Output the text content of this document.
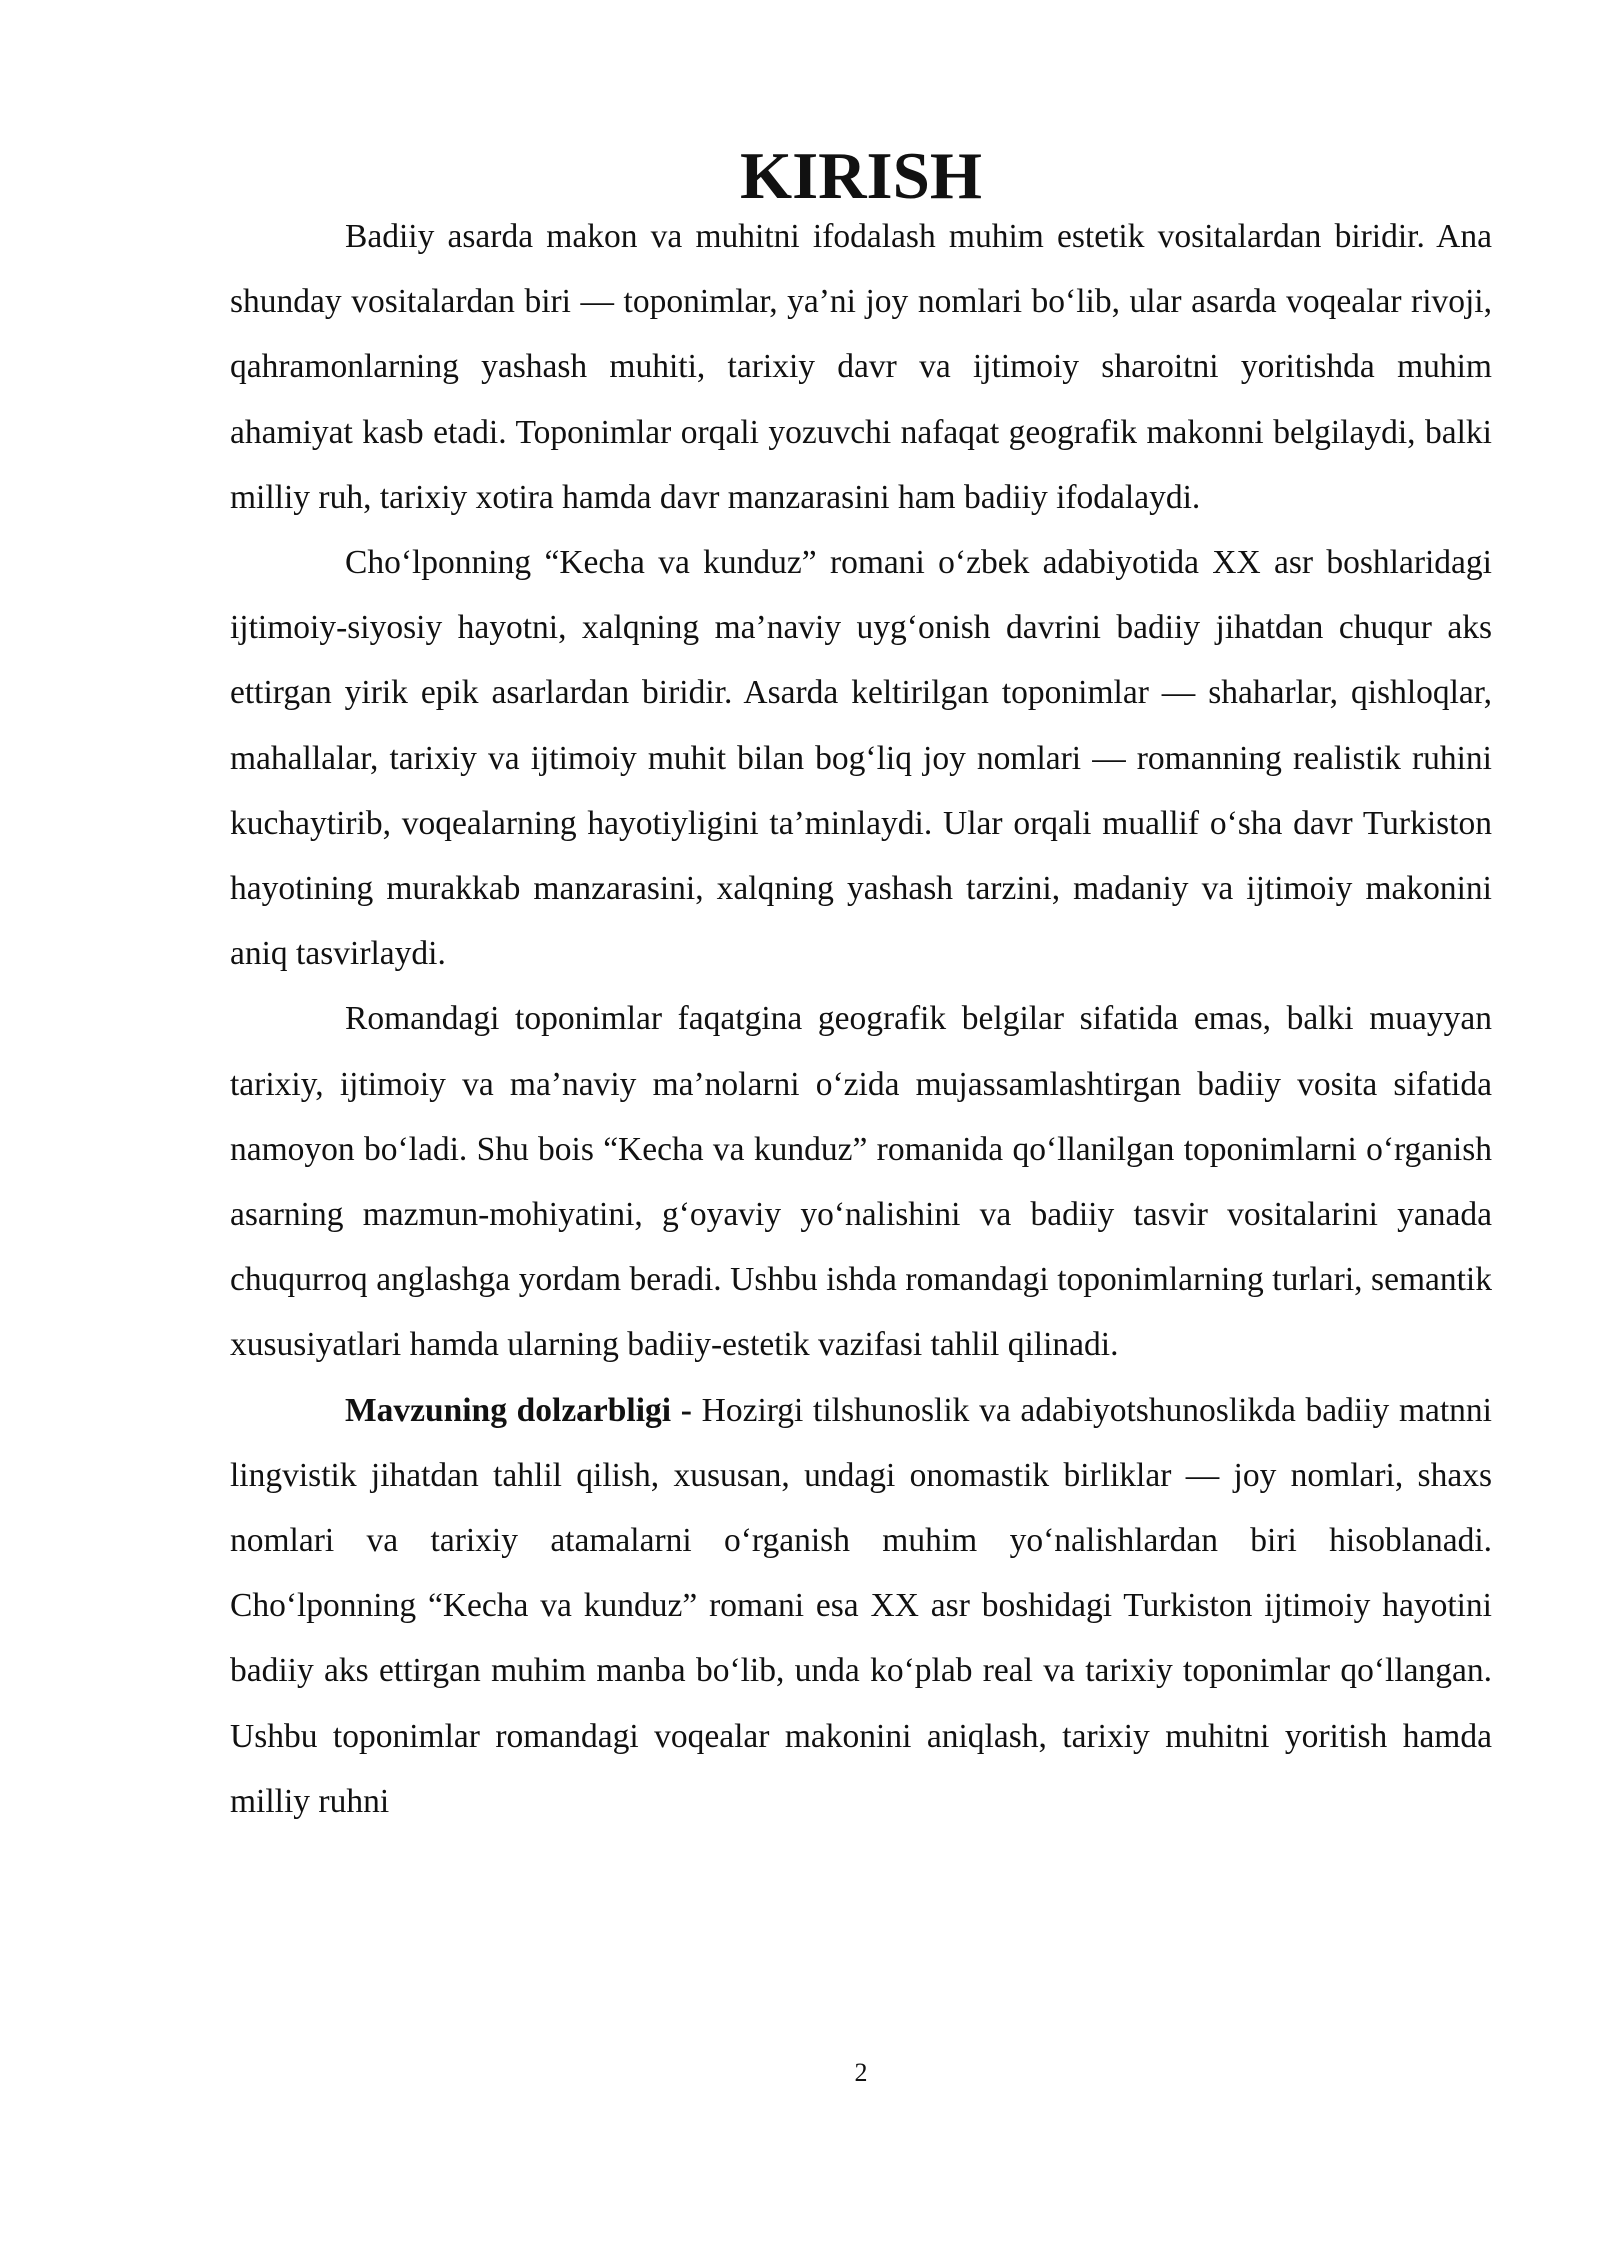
KIRISH

Badiiy asarda makon va muhitni ifodalash muhim estetik vositalardan biridir. Ana shunday vositalardan biri — toponimlar, ya’ni joy nomlari bo‘lib, ular asarda voqealar rivoji, qahramonlarning yashash muhiti, tarixiy davr va ijtimoiy sharoitni yoritishda muhim ahamiyat kasb etadi. Toponimlar orqali yozuvchi nafaqat geografik makonni belgilaydi, balki milliy ruh, tarixiy xotira hamda davr manzarasini ham badiiy ifodalaydi.

Cho‘lponning “Kecha va kunduz” romani o‘zbek adabiyotida XX asr boshlaridagi ijtimoiy-siyosiy hayotni, xalqning ma’naviy uyg‘onish davrini badiiy jihatdan chuqur aks ettirgan yirik epik asarlardan biridir. Asarda keltirilgan toponimlar — shaharlar, qishloqlar, mahallalar, tarixiy va ijtimoiy muhit bilan bog‘liq joy nomlari — romanning realistik ruhini kuchaytirib, voqealarning hayotiyligini ta’minlaydi. Ular orqali muallif o‘sha davr Turkiston hayotining murakkab manzarasini, xalqning yashash tarzini, madaniy va ijtimoiy makonini aniq tasvirlaydi.

Romandagi toponimlar faqatgina geografik belgilar sifatida emas, balki muayyan tarixiy, ijtimoiy va ma’naviy ma’nolarni o‘zida mujassamlashtirgan badiiy vosita sifatida namoyon bo‘ladi. Shu bois “Kecha va kunduz” romanida qo‘llanilgan toponimlarni o‘rganish asarning mazmun-mohiyatini, g‘oyaviy yo‘nalishini va badiiy tasvir vositalarini yanada chuqurroq anglashga yordam beradi. Ushbu ishda romandagi toponimlarning turlari, semantik xususiyatlari hamda ularning badiiy-estetik vazifasi tahlil qilinadi.

Mavzuning dolzarbligi - Hozirgi tilshunoslik va adabiyotshunoslikda badiiy matnni lingvistik jihatdan tahlil qilish, xususan, undagi onomastik birliklar — joy nomlari, shaxs nomlari va tarixiy atamalarni o‘rganish muhim yo‘nalishlardan biri hisoblanadi. Cho‘lponning “Kecha va kunduz” romani esa XX asr boshidagi Turkiston ijtimoiy hayotini badiiy aks ettirgan muhim manba bo‘lib, unda ko‘plab real va tarixiy toponimlar qo‘llangan. Ushbu toponimlar romandagi voqealar makonini aniqlash, tarixiy muhitni yoritish hamda milliy ruhni

2
